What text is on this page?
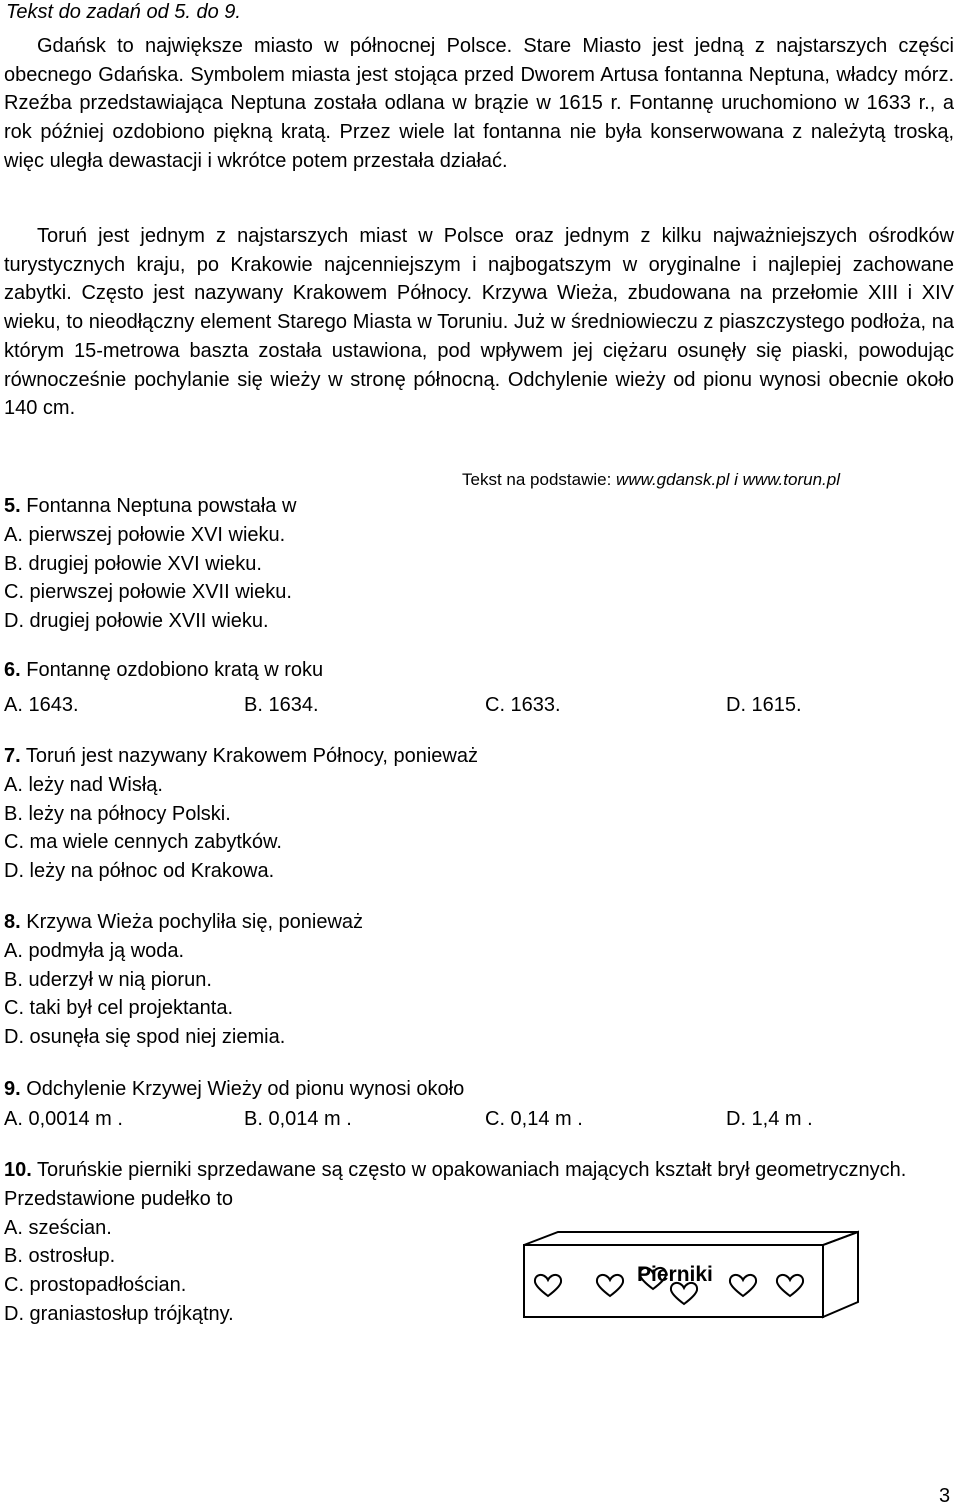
Tekst do zadań od 5. do 9.

Gdańsk to największe miasto w północnej Polsce. Stare Miasto jest jedną z najstarszych części obecnego Gdańska. Symbolem miasta jest stojąca przed Dworem Artusa fontanna Neptuna, władcy mórz. Rzeźba przedstawiająca Neptuna została odlana w brązie w 1615 r. Fontannę uruchomiono w 1633 r., a rok później ozdobiono piękną kratą. Przez wiele lat fontanna nie była konserwowana z należytą troską, więc uległa dewastacji i wkrótce potem przestała działać.

Toruń jest jednym z najstarszych miast w Polsce oraz jednym z kilku najważniejszych ośrodków turystycznych kraju, po Krakowie najcenniejszym i najbogatszym w oryginalne i najlepiej zachowane zabytki. Często jest nazywany Krakowem Północy. Krzywa Wieża, zbudowana na przełomie XIII i XIV wieku, to nieodłączny element Starego Miasta w Toruniu. Już w średniowieczu z piaszczystego podłoża, na którym 15-metrowa baszta została ustawiona, pod wpływem jej ciężaru osunęły się piaski, powodując równocześnie pochylanie się wieży w stronę północną. Odchylenie wieży od pionu wynosi obecnie około 140 cm.

Tekst na podstawie: www.gdansk.pl i www.torun.pl
5. Fontanna Neptuna powstała w
A. pierwszej połowie XVI wieku.
B. drugiej połowie XVI wieku.
C. pierwszej połowie XVII wieku.
D. drugiej połowie XVII wieku.
6. Fontannę ozdobiono kratą w roku
A. 1643.	B. 1634.	C. 1633.	D. 1615.
7. Toruń jest nazywany Krakowem Północy, ponieważ
A. leży nad Wisłą.
B. leży na północy Polski.
C. ma wiele cennych zabytków.
D. leży na północ od Krakowa.
8. Krzywa Wieża pochyliła się, ponieważ
A. podmyła ją woda.
B. uderzył w nią piorun.
C. taki był cel projektanta.
D. osunęła się spod niej ziemia.
9. Odchylenie Krzywej Wieży od pionu wynosi około
A. 0,0014 m .	B. 0,014 m .	C. 0,14 m .	D. 1,4 m .
10. Toruńskie pierniki sprzedawane są często w opakowaniach mających kształt brył geometrycznych. Przedstawione pudełko to
A. sześcian.
B. ostrosłup.
C. prostopadłościan.
D. graniastosłup trójkątny.
Pierniki
3
